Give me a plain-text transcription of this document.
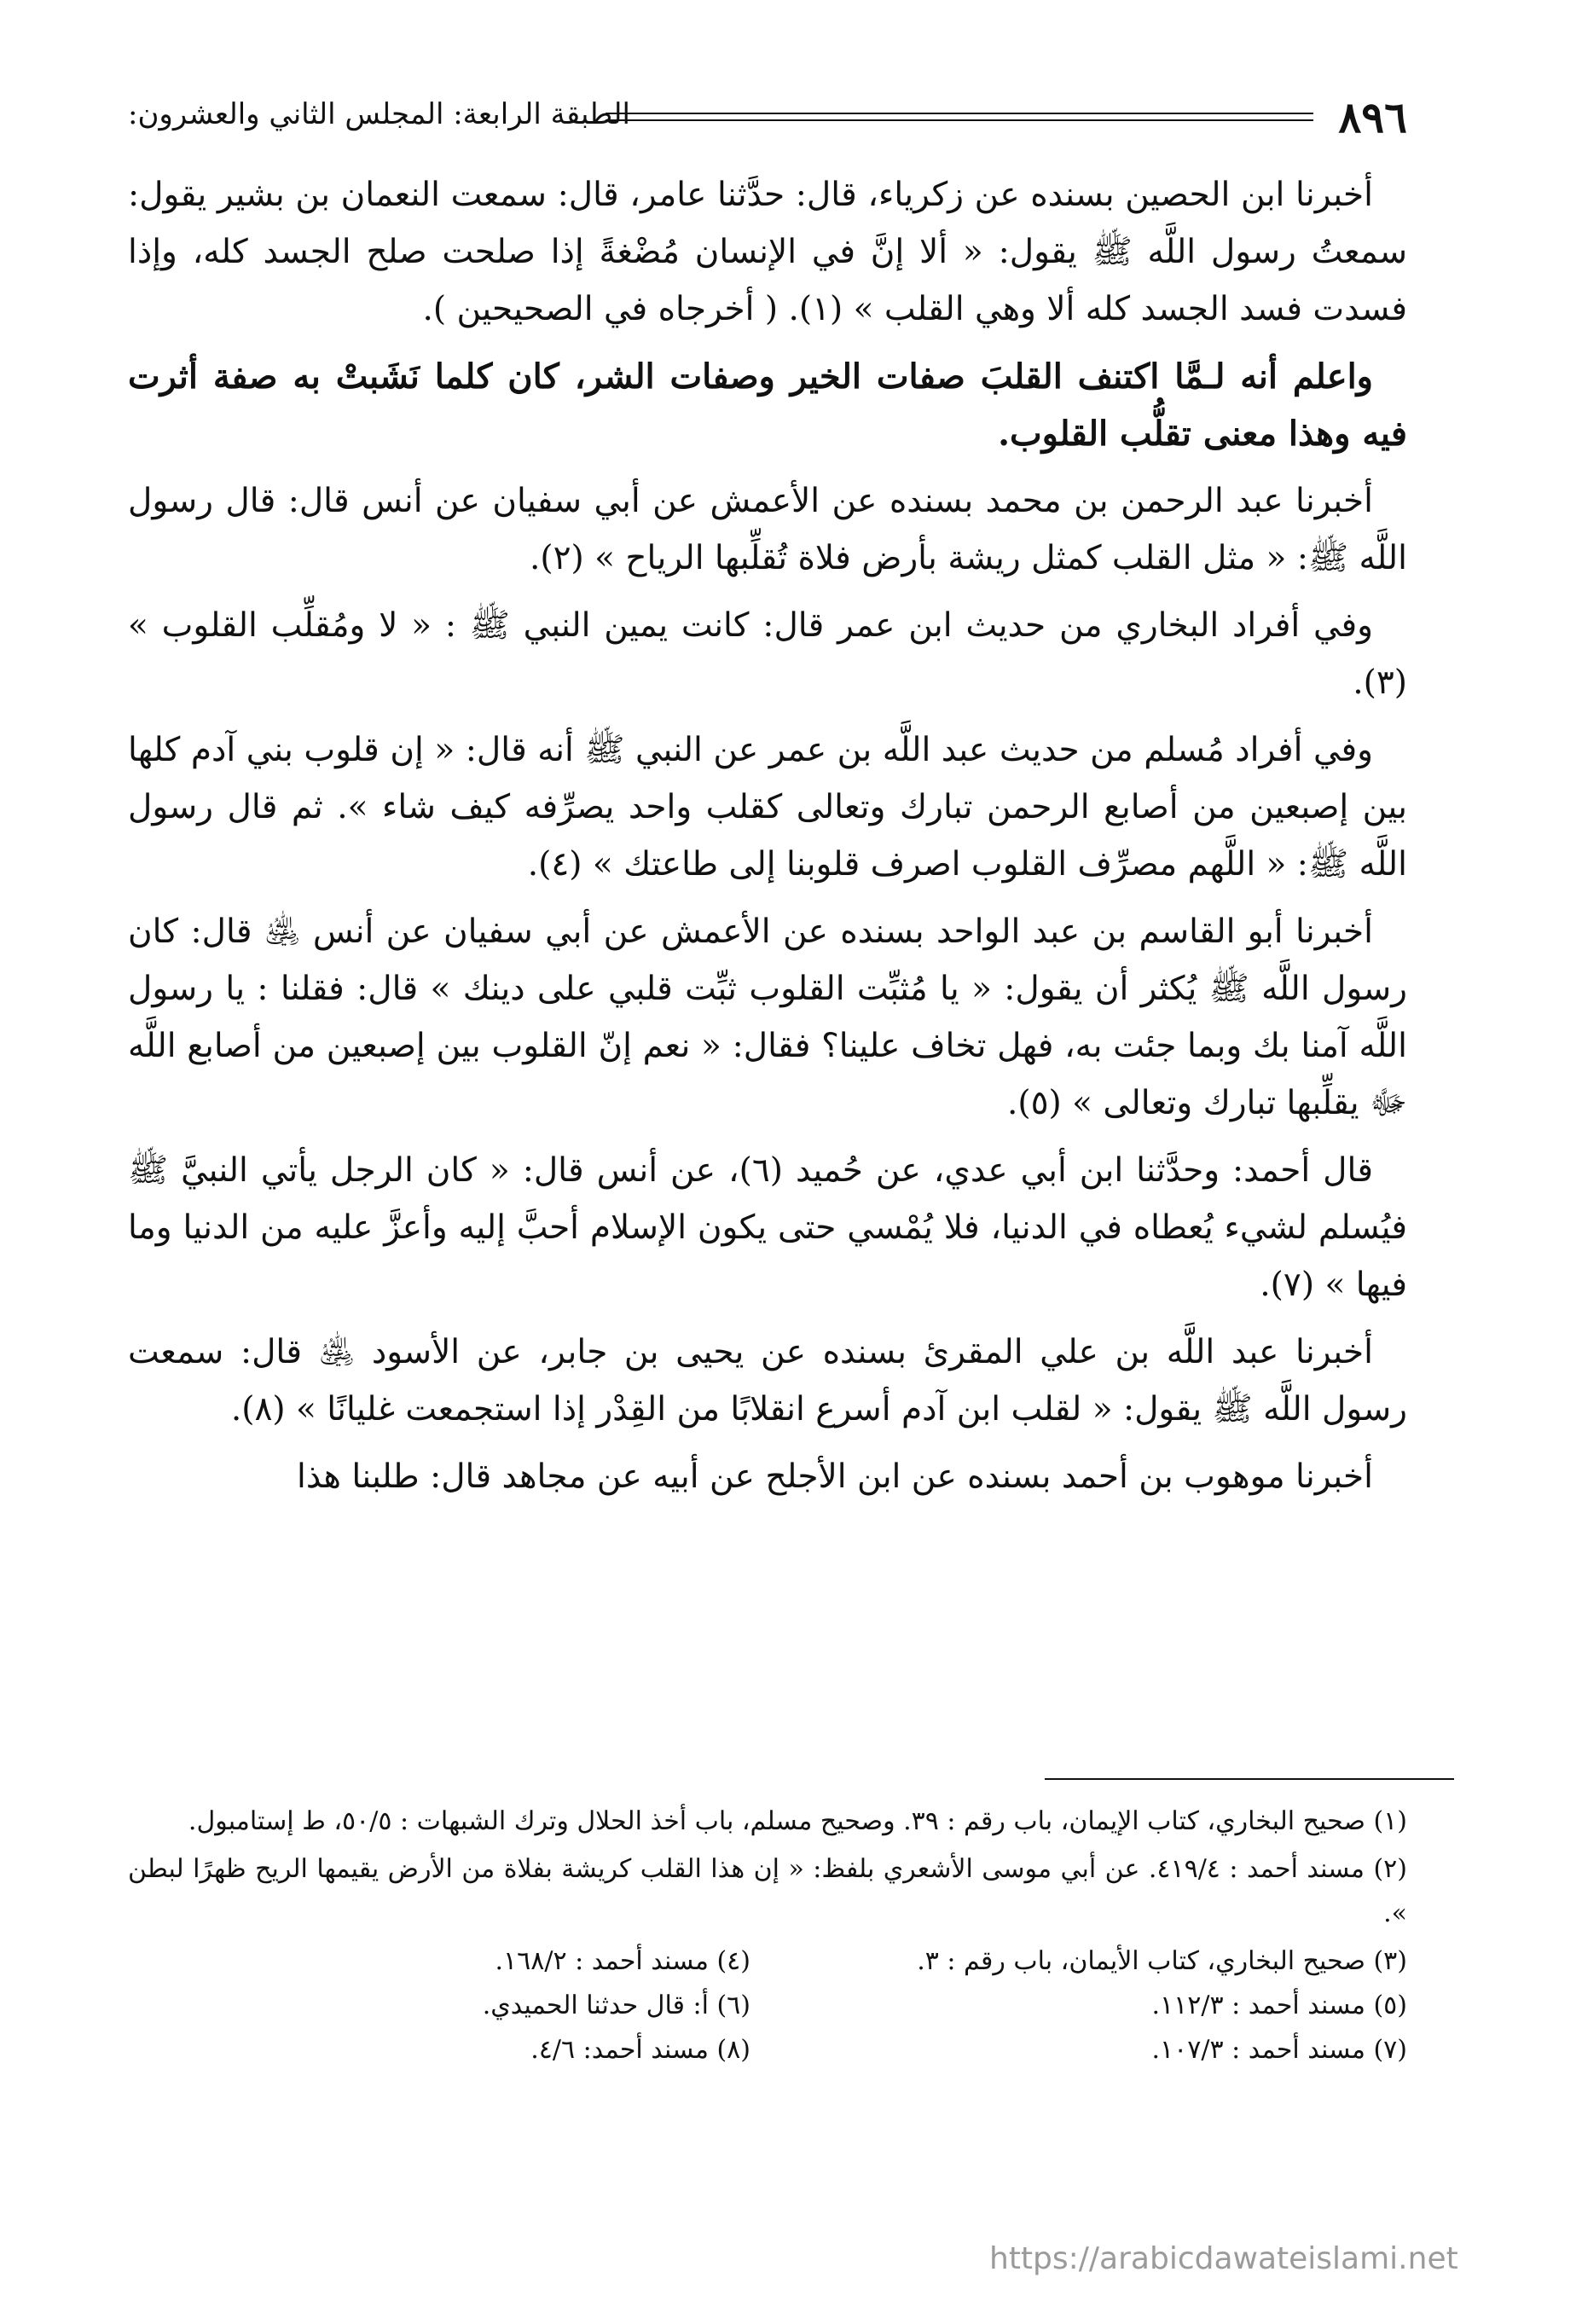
٨٩٦
الطبقة الرابعة: المجلس الثاني والعشرون:

أخبرنا ابن الحصين بسنده عن زكرياء، قال: حدَّثنا عامر، قال: سمعت النعمان بن بشير يقول: سمعتُ رسول اللَّه ﷺ يقول: « ألا إنَّ في الإنسان مُضْغةً إذا صلحت صلح الجسد كله، وإذا فسدت فسد الجسد كله ألا وهي القلب » (١). ( أخرجاه في الصحيحين ).

واعلم أنه لـمَّا اكتنف القلبَ صفات الخير وصفات الشر، كان كلما نَشَبتْ به صفة أثرت فيه وهذا معنى تقلُّب القلوب.

أخبرنا عبد الرحمن بن محمد بسنده عن الأعمش عن أبي سفيان عن أنس قال: قال رسول اللَّه ﷺ: « مثل القلب كمثل ريشة بأرض فلاة تُقلِّبها الرياح » (٢).

وفي أفراد البخاري من حديث ابن عمر قال: كانت يمين النبي ﷺ : « لا ومُقلِّب القلوب » (٣).

وفي أفراد مُسلم من حديث عبد اللَّه بن عمر عن النبي ﷺ أنه قال: « إن قلوب بني آدم كلها بين إصبعين من أصابع الرحمن تبارك وتعالى كقلب واحد يصرِّفه كيف شاء ». ثم قال رسول اللَّه ﷺ: « اللَّهم مصرِّف القلوب اصرف قلوبنا إلى طاعتك » (٤).

أخبرنا أبو القاسم بن عبد الواحد بسنده عن الأعمش عن أبي سفيان عن أنس ﵁ قال: كان رسول اللَّه ﷺ يُكثر أن يقول: « يا مُثبِّت القلوب ثبِّت قلبي على دينك » قال: فقلنا : يا رسول اللَّه آمنا بك وبما جئت به، فهل تخاف علينا؟ فقال: « نعم إنّ القلوب بين إصبعين من أصابع اللَّه ﷻ يقلِّبها تبارك وتعالى » (٥).

قال أحمد: وحدَّثنا ابن أبي عدي، عن حُميد (٦)، عن أنس قال: « كان الرجل يأتي النبيَّ ﷺ فيُسلم لشيء يُعطاه في الدنيا، فلا يُمْسي حتى يكون الإسلام أحبَّ إليه وأعزَّ عليه من الدنيا وما فيها » (٧).

أخبرنا عبد اللَّه بن علي المقرئ بسنده عن يحيى بن جابر، عن الأسود ﵁ قال: سمعت رسول اللَّه ﷺ يقول: « لقلب ابن آدم أسرع انقلابًا من القِدْر إذا استجمعت غليانًا » (٨).

أخبرنا موهوب بن أحمد بسنده عن ابن الأجلح عن أبيه عن مجاهد قال: طلبنا هذا

(١) صحيح البخاري، كتاب الإيمان، باب رقم : ٣٩. وصحيح مسلم، باب أخذ الحلال وترك الشبهات : ٥٠/٥، ط إستامبول.

(٢) مسند أحمد : ٤١٩/٤. عن أبي موسى الأشعري بلفظ: « إن هذا القلب كريشة بفلاة من الأرض يقيمها الريح ظهرًا لبطن ».

(٣) صحيح البخاري، كتاب الأيمان، باب رقم : ٣.

(٤) مسند أحمد : ١٦٨/٢.

(٥) مسند أحمد : ١١٢/٣.

(٦) أ: قال حدثنا الحميدي.

(٧) مسند أحمد : ١٠٧/٣.

(٨) مسند أحمد: ٤/٦.

https://arabicdawateislami.net
